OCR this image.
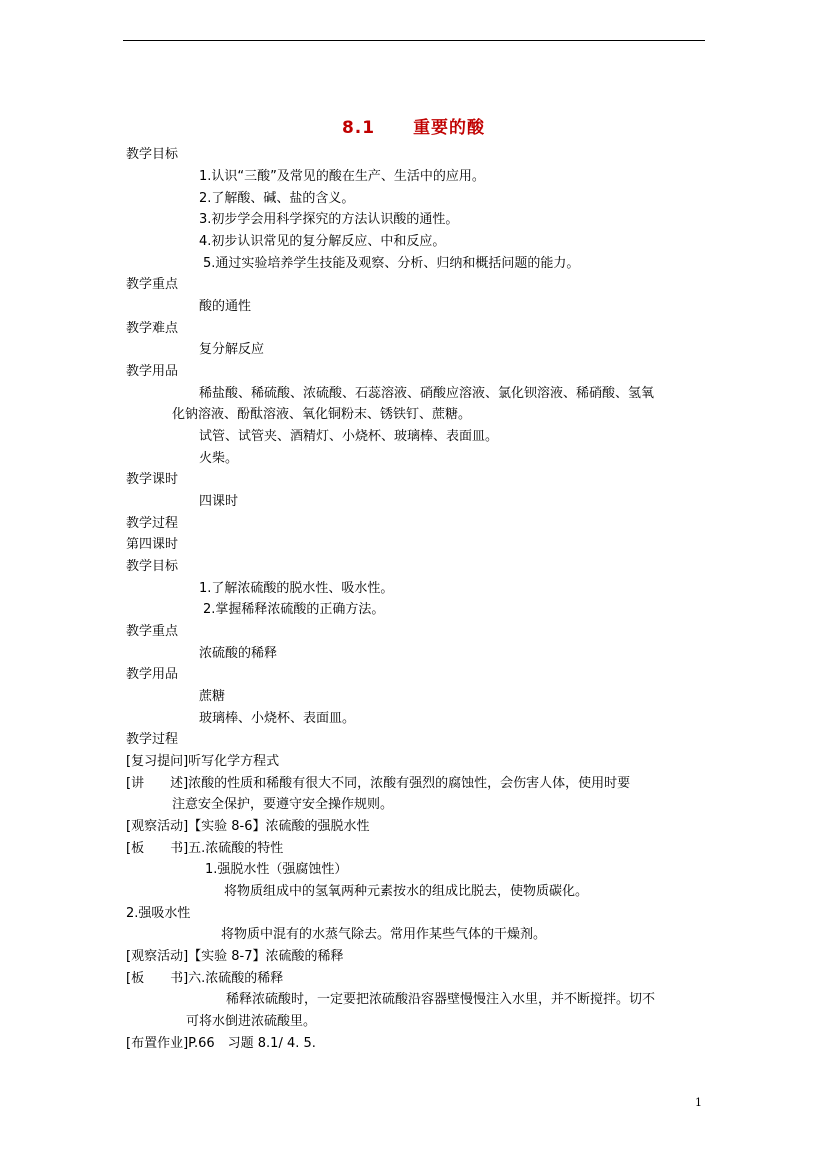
8.1 重要的酸
教学目标
1.认识“三酸”及常见的酸在生产、生活中的应用。
2.了解酸、碱、盐的含义。
3.初步学会用科学探究的方法认识酸的通性。
4.初步认识常见的复分解反应、中和反应。
5.通过实验培养学生技能及观察、分析、归纳和概括问题的能力。
教学重点
酸的通性
教学难点
复分解反应
教学用品
稀盐酸、稀硫酸、浓硫酸、石蕊溶液、硝酸应溶液、氯化钡溶液、稀硝酸、氢氧
化钠溶液、酚酞溶液、氧化铜粉末、锈铁钉、蔗糖。
试管、试管夹、酒精灯、小烧杯、玻璃棒、表面皿。
火柴。
教学课时
四课时
教学过程
第四课时
教学目标
1.了解浓硫酸的脱水性、吸水性。
2.掌握稀释浓硫酸的正确方法。
教学重点
浓硫酸的稀释
教学用品
蔗糖
玻璃棒、小烧杯、表面皿。
教学过程
[复习提问]听写化学方程式
[讲　　述]浓酸的性质和稀酸有很大不同，浓酸有强烈的腐蚀性，会伤害人体，使用时要
注意安全保护，要遵守安全操作规则。
[观察活动]【实验 8-6】浓硫酸的强脱水性
[板　　书]五.浓硫酸的特性
1.强脱水性（强腐蚀性）
将物质组成中的氢氧两种元素按水的组成比脱去，使物质碳化。
2.强吸水性
将物质中混有的水蒸气除去。常用作某些气体的干燥剂。
[观察活动]【实验 8-7】浓硫酸的稀释
[板　　书]六.浓硫酸的稀释
稀释浓硫酸时，一定要把浓硫酸沿容器壁慢慢注入水里，并不断搅拌。切不
可将水倒进浓硫酸里。
[布置作业]P.66　习题 8.1/ 4. 5.
1
